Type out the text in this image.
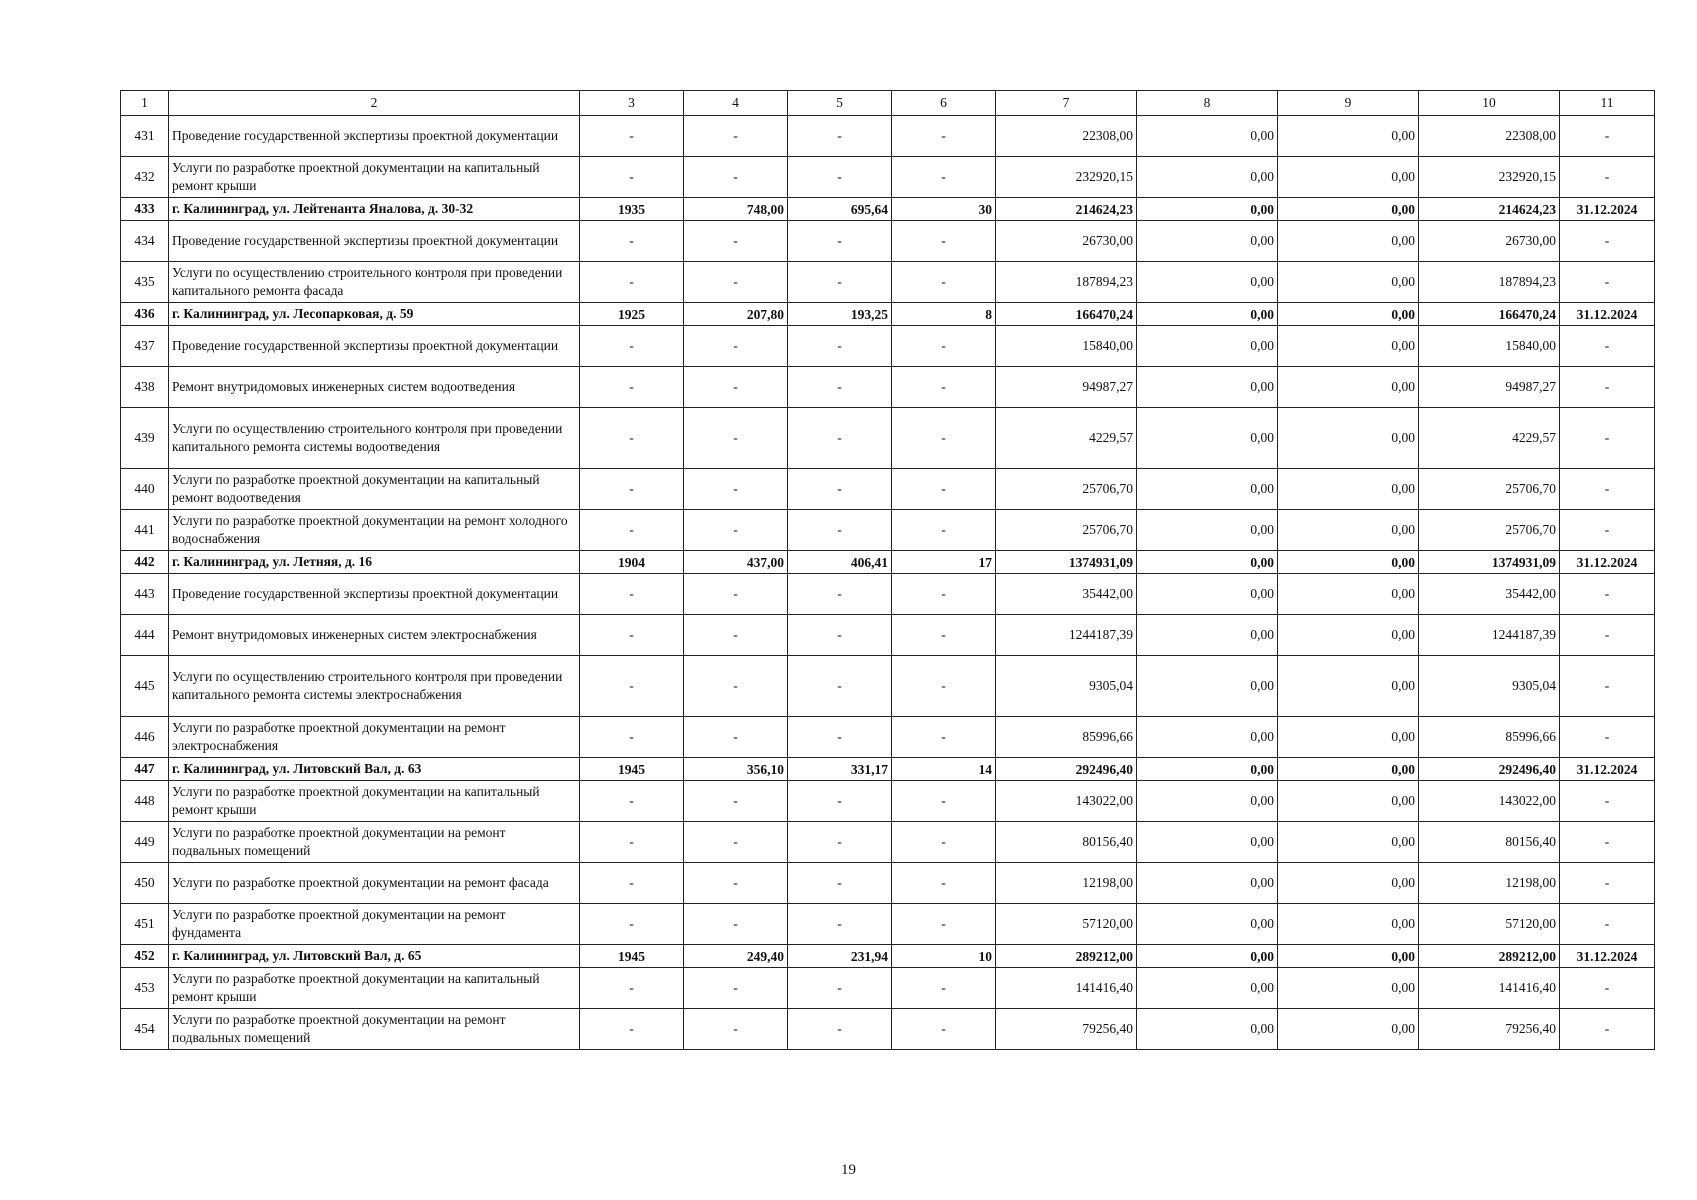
1	2	3	4	5	6	7	8	9	10	11
431	Проведение государственной экспертизы проектной документации	-	-	-	-	22308,00	0,00	0,00	22308,00	-
432	Услуги по разработке проектной документации на капитальный ремонт крыши	-	-	-	-	232920,15	0,00	0,00	232920,15	-
433	г. Калининград, ул. Лейтенанта Яналова, д. 30-32	1935	748,00	695,64	30	214624,23	0,00	0,00	214624,23	31.12.2024
434	Проведение государственной экспертизы проектной документации	-	-	-	-	26730,00	0,00	0,00	26730,00	-
435	Услуги по осуществлению строительного контроля при проведении капитального ремонта фасада	-	-	-	-	187894,23	0,00	0,00	187894,23	-
436	г. Калининград, ул. Лесопарковая, д. 59	1925	207,80	193,25	8	166470,24	0,00	0,00	166470,24	31.12.2024
437	Проведение государственной экспертизы проектной документации	-	-	-	-	15840,00	0,00	0,00	15840,00	-
438	Ремонт внутридомовых инженерных систем водоотведения	-	-	-	-	94987,27	0,00	0,00	94987,27	-
439	Услуги по осуществлению строительного контроля при проведении капитального ремонта системы водоотведения	-	-	-	-	4229,57	0,00	0,00	4229,57	-
440	Услуги по разработке проектной документации на капитальный ремонт водоотведения	-	-	-	-	25706,70	0,00	0,00	25706,70	-
441	Услуги по разработке проектной документации на ремонт холодного водоснабжения	-	-	-	-	25706,70	0,00	0,00	25706,70	-
442	г. Калининград, ул. Летняя, д. 16	1904	437,00	406,41	17	1374931,09	0,00	0,00	1374931,09	31.12.2024
443	Проведение государственной экспертизы проектной документации	-	-	-	-	35442,00	0,00	0,00	35442,00	-
444	Ремонт внутридомовых инженерных систем электроснабжения	-	-	-	-	1244187,39	0,00	0,00	1244187,39	-
445	Услуги по осуществлению строительного контроля при проведении капитального ремонта системы электроснабжения	-	-	-	-	9305,04	0,00	0,00	9305,04	-
446	Услуги по разработке проектной документации на ремонт электроснабжения	-	-	-	-	85996,66	0,00	0,00	85996,66	-
447	г. Калининград, ул. Литовский Вал, д. 63	1945	356,10	331,17	14	292496,40	0,00	0,00	292496,40	31.12.2024
448	Услуги по разработке проектной документации на капитальный ремонт крыши	-	-	-	-	143022,00	0,00	0,00	143022,00	-
449	Услуги по разработке проектной документации на ремонт подвальных помещений	-	-	-	-	80156,40	0,00	0,00	80156,40	-
450	Услуги по разработке проектной документации на ремонт фасада	-	-	-	-	12198,00	0,00	0,00	12198,00	-
451	Услуги по разработке проектной документации на ремонт фундамента	-	-	-	-	57120,00	0,00	0,00	57120,00	-
452	г. Калининград, ул. Литовский Вал, д. 65	1945	249,40	231,94	10	289212,00	0,00	0,00	289212,00	31.12.2024
453	Услуги по разработке проектной документации на капитальный ремонт крыши	-	-	-	-	141416,40	0,00	0,00	141416,40	-
454	Услуги по разработке проектной документации на ремонт подвальных помещений	-	-	-	-	79256,40	0,00	0,00	79256,40	-
19
